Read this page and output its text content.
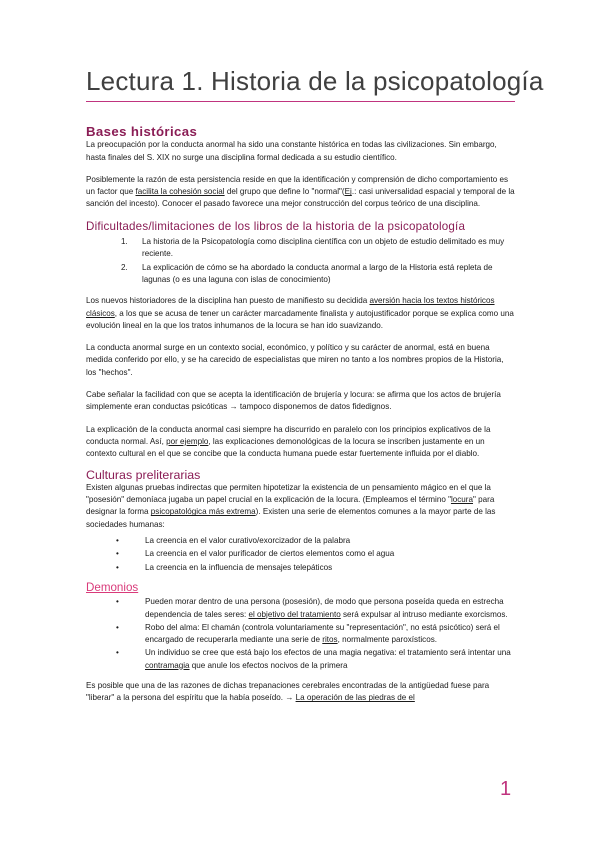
Lectura 1. Historia de la psicopatología
Bases históricas

La preocupación por la conducta anormal ha sido una constante histórica en todas las civilizaciones. Sin embargo, hasta finales del S. XIX no surge una disciplina formal dedicada a su estudio científico.

Posiblemente la razón de esta persistencia reside en que la identificación y comprensión de dicho comportamiento es un factor que facilita la cohesión social del grupo que define lo "normal"(Ej.: casi universalidad espacial y temporal de la sanción del incesto). Conocer el pasado favorece una mejor construcción del corpus teórico de una disciplina.

Dificultades/limitaciones de los libros de la historia de la psicopatología
1. La historia de la Psicopatología como disciplina científica con un objeto de estudio delimitado es muy reciente.
2. La explicación de cómo se ha abordado la conducta anormal a largo de la Historia está repleta de lagunas (o es una laguna con islas de conocimiento)

Los nuevos historiadores de la disciplina han puesto de manifiesto su decidida aversión hacia los textos históricos clásicos, a los que se acusa de tener un carácter marcadamente finalista y autojustificador porque se explica como una evolución lineal en la que los tratos inhumanos de la locura se han ido suavizando.

La conducta anormal surge en un contexto social, económico, y político y su carácter de anormal, está en buena medida conferido por ello, y se ha carecido de especialistas que miren no tanto a los nombres propios de la Historia, los "hechos".

Cabe señalar la facilidad con que se acepta la identificación de brujería y locura: se afirma que los actos de brujería simplemente eran conductas psicóticas → tampoco disponemos de datos fidedignos.

La explicación de la conducta anormal casi siempre ha discurrido en paralelo con los principios explicativos de la conducta normal. Así, por ejemplo, las explicaciones demonológicas de la locura se inscriben justamente en un contexto cultural en el que se concibe que la conducta humana puede estar fuertemente influida por el diablo.

Culturas preliterarias

Existen algunas pruebas indirectas que permiten hipotetizar la existencia de un pensamiento mágico en el que la "posesión" demoníaca jugaba un papel crucial en la explicación de la locura. (Empleamos el término "locura" para designar la forma psicopatológica más extrema). Existen una serie de elementos comunes a la mayor parte de las sociedades humanas:

• La creencia en el valor curativo/exorcizador de la palabra
• La creencia en el valor purificador de ciertos elementos como el agua
• La creencia en la influencia de mensajes telepáticos
Demonios
• Pueden morar dentro de una persona (posesión), de modo que persona poseída queda en estrecha dependencia de tales seres: el objetivo del tratamiento será expulsar al intruso mediante exorcismos.
• Robo del alma: El chamán (controla voluntariamente su "representación", no está psicótico) será el encargado de recuperarla mediante una serie de ritos, normalmente paroxísticos.
• Un individuo se cree que está bajo los efectos de una magia negativa: el tratamiento será intentar una contramagia que anule los efectos nocivos de la primera

Es posible que una de las razones de dichas trepanaciones cerebrales encontradas de la antigüedad fuese para "liberar" a la persona del espíritu que la había poseído. → La operación de las piedras de el

1
